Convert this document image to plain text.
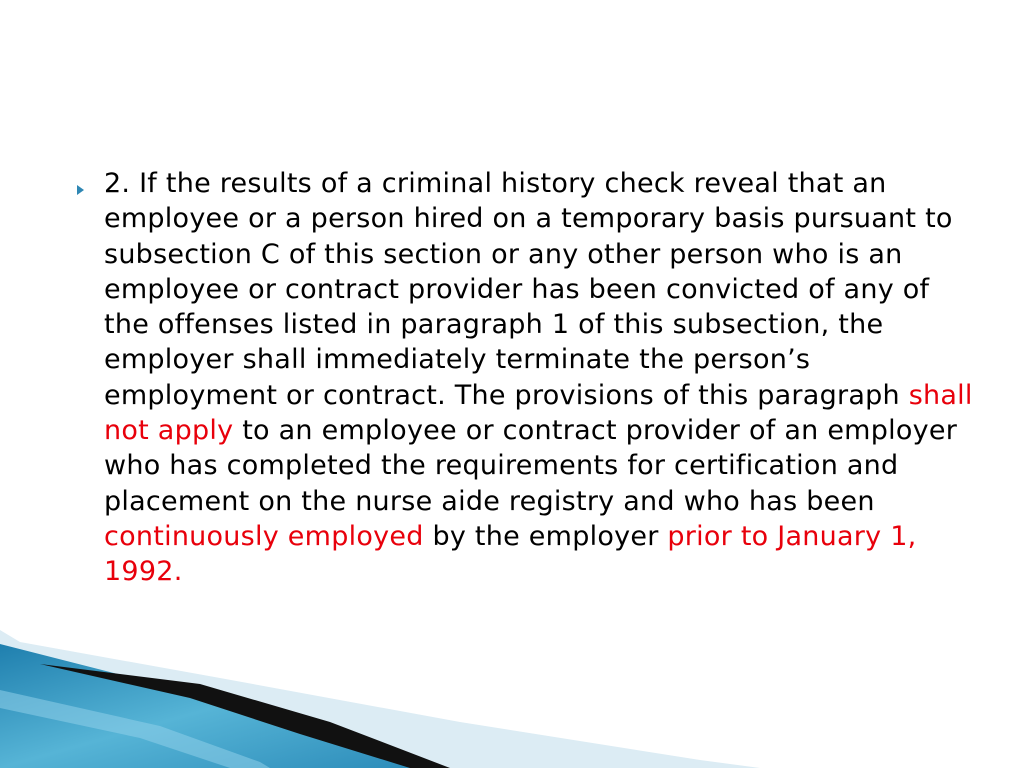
2. If the results of a criminal history check reveal that an employee or a person hired on a temporary basis pursuant to subsection C of this section or any other person who is an employee or contract provider has been convicted of any of the offenses listed in paragraph 1 of this subsection, the employer shall immediately terminate the person’s employment or contract. The provisions of this paragraph shall not apply to an employee or contract provider of an employer who has completed the requirements for certification and placement on the nurse aide registry and who has been continuously employed by the employer prior to January 1, 1992.
